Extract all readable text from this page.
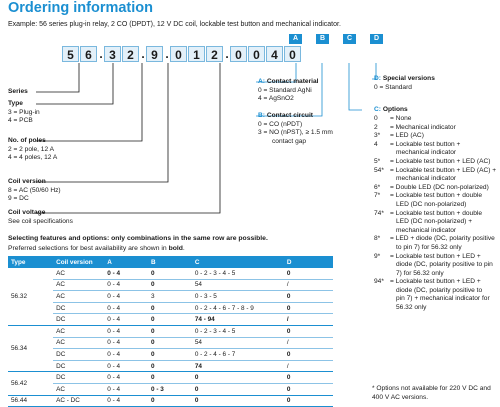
Ordering information
Example: 56 series plug-in relay, 2 CO (DPDT), 12 V DC coil, lockable test button and mechanical indicator.
A	B	C	D
5 6 . 3 2 . 9 . 0 1 2 . 0 0 4 0
Series
Type
3 = Plug-in
4 = PCB
No. of poles
2 = 2 pole, 12 A
4 = 4 poles, 12 A
Coil version
8 = AC (50/60 Hz)
9 = DC
Coil voltage
See coil specifications
A: Contact material
0 = Standard AgNi
4 = AgSnO2
B: Contact circuit
0 = CO (nPDT)
3 = NO (nPST), ≥ 1.5 mm
contact gap
D: Special versions
0 = Standard
C: Options
0	= None
2	= Mechanical indicator
3*	= LED (AC)
4	= Lockable test button +
mechanical indicator
5*	= Lockable test button + LED (AC)
54* = Lockable test button + LED (AC) +
mechanical indicator
6*	= Double LED (DC non-polarized)
7*	= Lockable test button + double
LED (DC non-polarized)
74* = Lockable test button + double
LED (DC non-polarized) +
mechanical indicator
8*	= LED + diode (DC, polarity positive
to pin 7) for 56.32 only
9*	= Lockable test button + LED +
diode (DC, polarity positive to pin
7) for 56.32 only
94* = Lockable test button + LED +
diode (DC, polarity positive to
pin 7) + mechanical indicator for
56.32 only
* Options not available for 220 V DC and
400 V AC versions.
Selecting features and options: only combinations in the same row are possible.
Preferred selections for best availability are shown in bold.
Type	Coil version	A	B	C	D
56.32	AC	0 - 4	0	0 - 2 - 3 - 4 - 5	0
	AC	0 - 4	0	54	/
	AC	0 - 4	3	0 - 3 - 5	0
	DC	0 - 4	0	0 - 2 - 4 - 6 - 7 - 8 - 9	0
	DC	0 - 4	0	74 - 94	/
56.34	AC	0 - 4	0	0 - 2 - 3 - 4 - 5	0
	AC	0 - 4	0	54	/
	DC	0 - 4	0	0 - 2 - 4 - 6 - 7	0
	DC	0 - 4	0	74	/
56.42	DC	0 - 4	0	0	0
	AC	0 - 4	0 - 3	0	0
56.44	AC - DC	0 - 4	0	0	0
